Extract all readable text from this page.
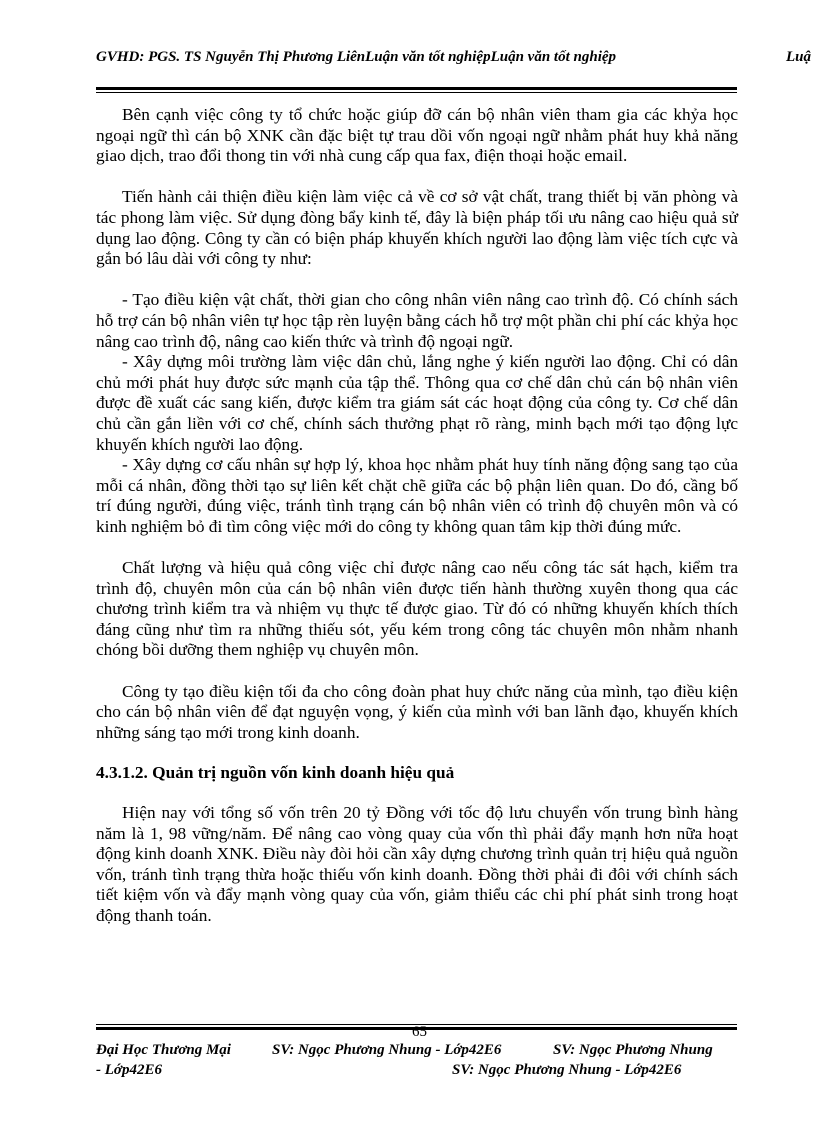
GVHD: PGS. TS Nguyễn Thị Phương LiênLuận văn tốt nghiệpLuận văn tốt nghiệp	Luậ

Bên cạnh việc công ty tổ chức hoặc giúp đỡ cán bộ nhân viên tham gia các khỷa học ngoại ngữ thì cán bộ XNK cần đặc biệt tự trau dồi vốn ngoại ngữ nhằm phát huy khả năng giao dịch, trao đổi thong tin với nhà cung cấp qua fax, điện thoại hoặc email.

Tiến hành cải thiện điều kiện làm việc cả về cơ sở vật chất, trang thiết bị văn phòng và tác phong làm việc. Sử dụng đòng bẩy kinh tế, đây là biện pháp tối ưu nâng cao hiệu quả sử dụng lao động. Công ty cần có biện pháp khuyến khích người lao động làm việc tích cực và gắn bó lâu dài với công ty như:

- Tạo điều kiện vật chất, thời gian cho công nhân viên nâng cao trình độ. Có chính sách hỗ trợ cán bộ nhân viên tự học tập rèn luyện bằng cách hỗ trợ một phần chi phí các khỷa học nâng cao trình độ, nâng cao kiến thức và trình độ ngoại ngữ.

- Xây dựng môi trường làm việc dân chủ, lắng nghe ý kiến người lao động. Chỉ có dân chủ mới phát huy được sức mạnh của tập thể. Thông qua cơ chế dân chủ cán bộ nhân viên được đề xuất các sang kiến, được kiểm tra giám sát các hoạt động của công ty. Cơ chế dân chủ cần gắn liền với cơ chế, chính sách thưởng phạt rõ ràng, minh bạch mới tạo động lực khuyến khích người lao động.

- Xây dựng cơ cấu nhân sự hợp lý, khoa học nhằm phát huy tính năng động sang tạo của mỗi cá nhân, đồng thời tạo sự liên kết chặt chẽ giữa các bộ phận liên quan. Do đó, cầng bố trí đúng người, đúng việc, tránh tình trạng cán bộ nhân viên có trình độ chuyên môn và có kinh nghiệm bỏ đi tìm công việc mới do công ty không quan tâm kịp thời đúng mức.

Chất lượng và hiệu quả công việc chỉ được nâng cao nếu công tác sát hạch, kiểm tra trình độ, chuyên môn của cán bộ nhân viên được tiến hành thường xuyên thong qua các chương trình kiểm tra và nhiệm vụ thực tế được giao. Từ đó có những khuyến khích thích đáng cũng như tìm ra những thiếu sót, yếu kém trong công tác chuyên môn nhằm nhanh chóng bồi dưỡng them nghiệp vụ chuyên môn.

Công ty tạo điều kiện tối đa cho công đoàn phat huy chức năng của mình, tạo điều kiện cho cán bộ nhân viên để đạt nguyện vọng, ý kiến của mình với ban lãnh đạo, khuyến khích những sáng tạo mới trong kinh doanh.

4.3.1.2. Quản trị nguồn vốn kinh doanh hiệu quả

Hiện nay với tổng số vốn trên 20 tỷ Đồng với tốc độ lưu chuyển vốn trung bình hàng năm là 1, 98 vững/năm. Để nâng cao vòng quay của vốn thì phải đẩy mạnh hơn nữa hoạt động kinh doanh XNK. Điều này đòi hỏi cần xây dựng chương trình quản trị hiệu quả nguồn vốn, tránh tình trạng thừa hoặc thiếu vốn kinh doanh. Đồng thời phải đi đôi với chính sách tiết kiệm vốn và đẩy mạnh vòng quay của vốn, giảm thiểu các chi phí phát sinh trong hoạt động thanh toán.

65
Đại Học Thương Mại	SV: Ngọc Phương Nhung - Lớp42E6	SV: Ngọc Phương Nhung
- Lớp42E6	SV: Ngọc Phương Nhung - Lớp42E6
